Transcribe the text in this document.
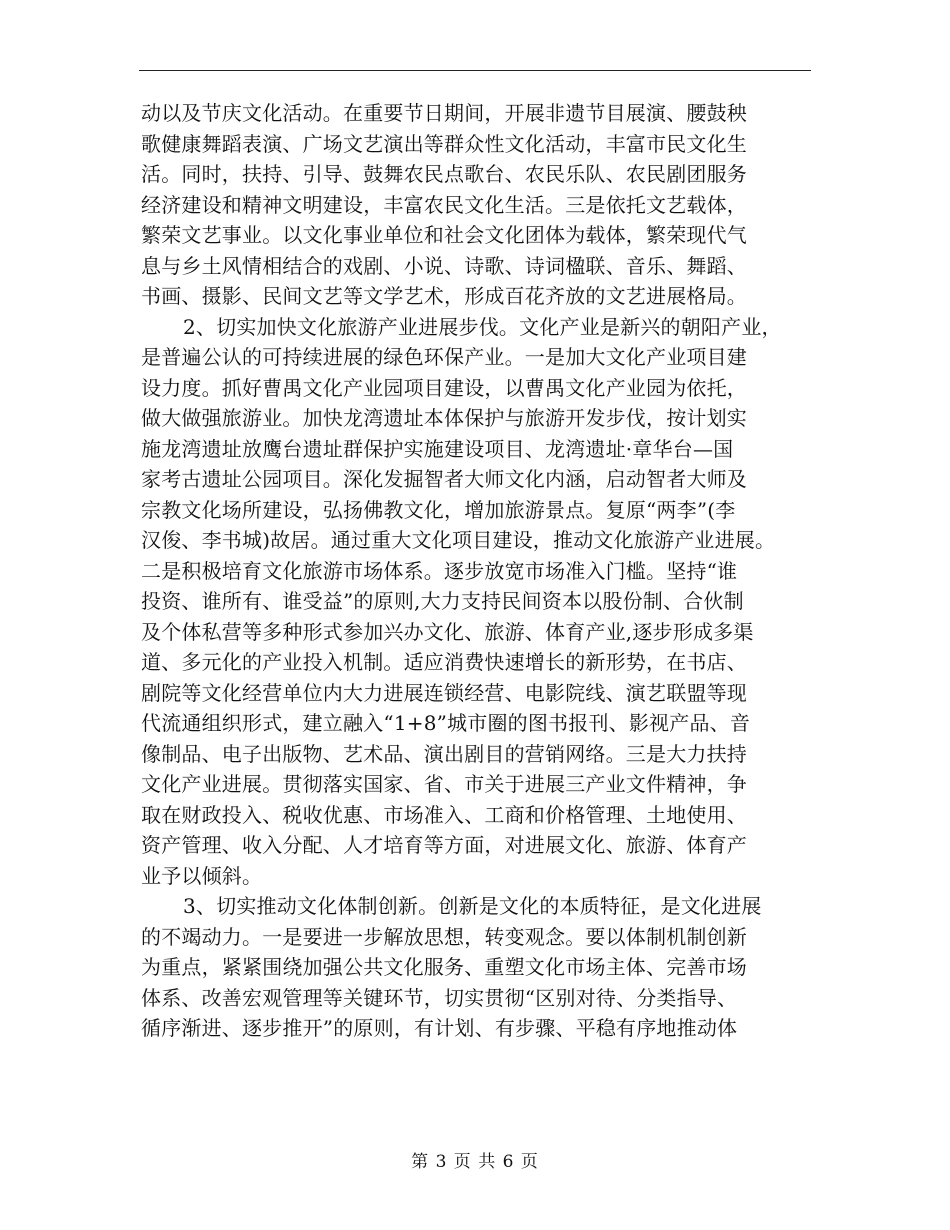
动以及节庆文化活动。在重要节日期间，开展非遗节目展演、腰鼓秧
歌健康舞蹈表演、广场文艺演出等群众性文化活动，丰富市民文化生
活。同时，扶持、引导、鼓舞农民点歌台、农民乐队、农民剧团服务
经济建设和精神文明建设，丰富农民文化生活。三是依托文艺载体，
繁荣文艺事业。以文化事业单位和社会文化团体为载体，繁荣现代气
息与乡土风情相结合的戏剧、小说、诗歌、诗词楹联、音乐、舞蹈、
书画、摄影、民间文艺等文学艺术，形成百花齐放的文艺进展格局。
2、切实加快文化旅游产业进展步伐。文化产业是新兴的朝阳产业，
是普遍公认的可持续进展的绿色环保产业。一是加大文化产业项目建
设力度。抓好曹禺文化产业园项目建设，以曹禺文化产业园为依托，
做大做强旅游业。加快龙湾遗址本体保护与旅游开发步伐，按计划实
施龙湾遗址放鹰台遗址群保护实施建设项目、龙湾遗址·章华台—国
家考古遗址公园项目。深化发掘智者大师文化内涵，启动智者大师及
宗教文化场所建设，弘扬佛教文化，增加旅游景点。复原“两李”(李
汉俊、李书城)故居。通过重大文化项目建设，推动文化旅游产业进展。
二是积极培育文化旅游市场体系。逐步放宽市场准入门槛。坚持“谁
投资、谁所有、谁受益”的原则,大力支持民间资本以股份制、合伙制
及个体私营等多种形式参加兴办文化、旅游、体育产业,逐步形成多渠
道、多元化的产业投入机制。适应消费快速增长的新形势，在书店、
剧院等文化经营单位内大力进展连锁经营、电影院线、演艺联盟等现
代流通组织形式，建立融入“1+8”城市圈的图书报刊、影视产品、音
像制品、电子出版物、艺术品、演出剧目的营销网络。三是大力扶持
文化产业进展。贯彻落实国家、省、市关于进展三产业文件精神，争
取在财政投入、税收优惠、市场准入、工商和价格管理、土地使用、
资产管理、收入分配、人才培育等方面，对进展文化、旅游、体育产
业予以倾斜。
3、切实推动文化体制创新。创新是文化的本质特征，是文化进展
的不竭动力。一是要进一步解放思想，转变观念。要以体制机制创新
为重点，紧紧围绕加强公共文化服务、重塑文化市场主体、完善市场
体系、改善宏观管理等关键环节，切实贯彻“区别对待、分类指导、
循序渐进、逐步推开”的原则，有计划、有步骤、平稳有序地推动体
第 3 页 共 6 页
